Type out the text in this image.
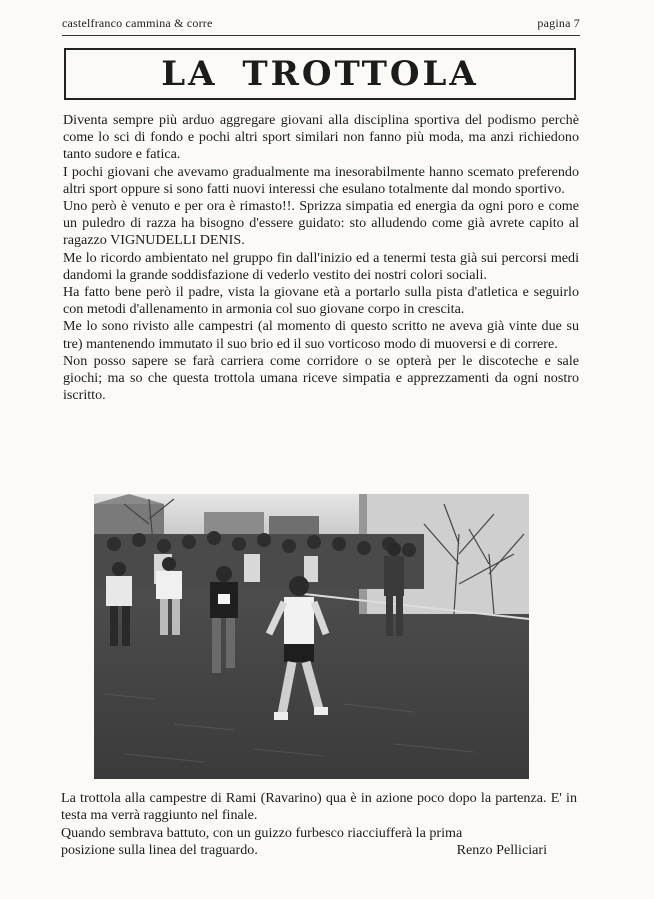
castelfranco cammina & corre	pagina 7
LA TROTTOLA

Diventa sempre più arduo aggregare giovani alla disciplina sportiva del podismo perchè come lo sci di fondo e pochi altri sport similari non fanno più moda, ma anzi richiedono tanto sudore e fatica.

I pochi giovani che avevamo gradualmente ma inesorabilmente hanno scemato preferendo altri sport oppure si sono fatti nuovi interessi che esulano totalmente dal mondo sportivo.

Uno però è venuto e per ora è rimasto!!. Sprizza simpatia ed energia da ogni poro e come un puledro di razza ha bisogno d'essere guidato: sto alludendo come già avrete capito al ragazzo VIGNUDELLI DENIS.

Me lo ricordo ambientato nel gruppo fin dall'inizio ed a tenermi testa già sui percorsi medi dandomi la grande soddisfazione di vederlo vestito dei nostri colori sociali.

Ha fatto bene però il padre, vista la giovane età a portarlo sulla pista d'atletica e seguirlo con metodi d'allenamento in armonia col suo giovane corpo in crescita.

Me lo sono rivisto alle campestri (al momento di questo scritto ne aveva già vinte due su tre) mantenendo immutato il suo brio ed il suo vorticoso modo di muoversi e di correre.

Non posso sapere se farà carriera come corridore o se opterà per le discoteche e sale giochi; ma so che questa trottola umana riceve simpatia e apprezzamenti da ogni nostro iscritto.

La trottola alla campestre di Rami (Ravarino) qua è in azione poco dopo la partenza. E' in testa ma verrà raggiunto nel finale.

Quando sembrava battuto, con un guizzo furbesco riacciufferà la prima

posizione sulla linea del traguardo.	Renzo Pelliciari
